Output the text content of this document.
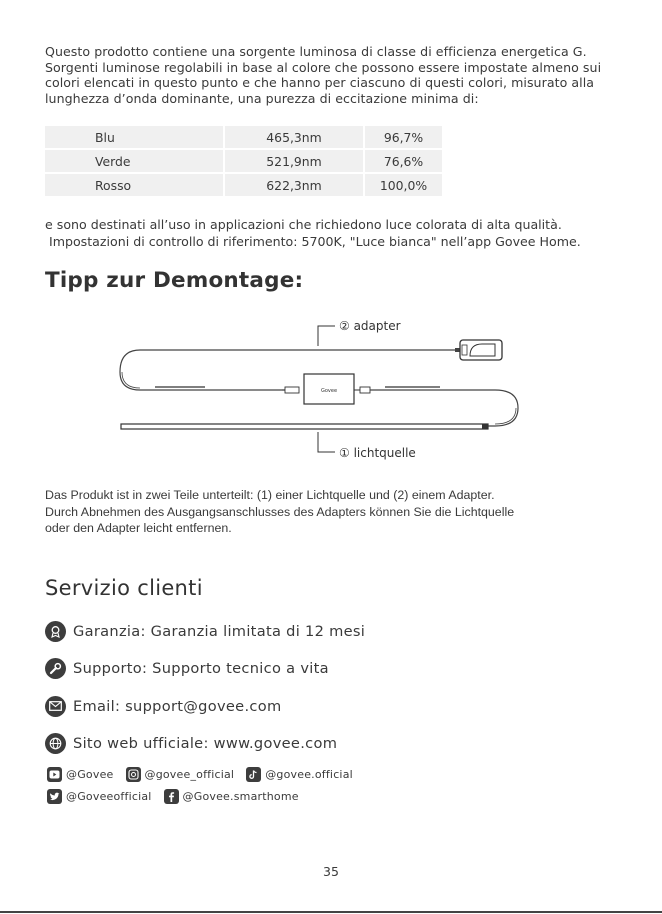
Questo prodotto contiene una sorgente luminosa di classe di efficienza energetica G.
Sorgenti luminose regolabili in base al colore che possono essere impostate almeno sui
colori elencati in questo punto e che hanno per ciascuno di questi colori, misurato alla
lunghezza d’onda dominante, una purezza di eccitazione minima di:
Blu	465,3nm	96,7%
Verde	521,9nm	76,6%
Rosso	622,3nm	100,0%
e sono destinati all’uso in applicazioni che richiedono luce colorata di alta qualità.
Impostazioni di controllo di riferimento: 5700K, "Luce bianca" nell’app Govee Home.
Tipp zur Demontage:
② adapter
Govee
① lichtquelle
Das Produkt ist in zwei Teile unterteilt: (1) einer Lichtquelle und (2) einem Adapter.
Durch Abnehmen des Ausgangsanschlusses des Adapters können Sie die Lichtquelle
oder den Adapter leicht entfernen.
Servizio clienti
Garanzia: Garanzia limitata di 12 mesi
Supporto: Supporto tecnico a vita
Email: support@govee.com
Sito web ufficiale: www.govee.com
@Govee	@govee_official	@govee.official
@Goveeofficial	@Govee.smarthome
35
